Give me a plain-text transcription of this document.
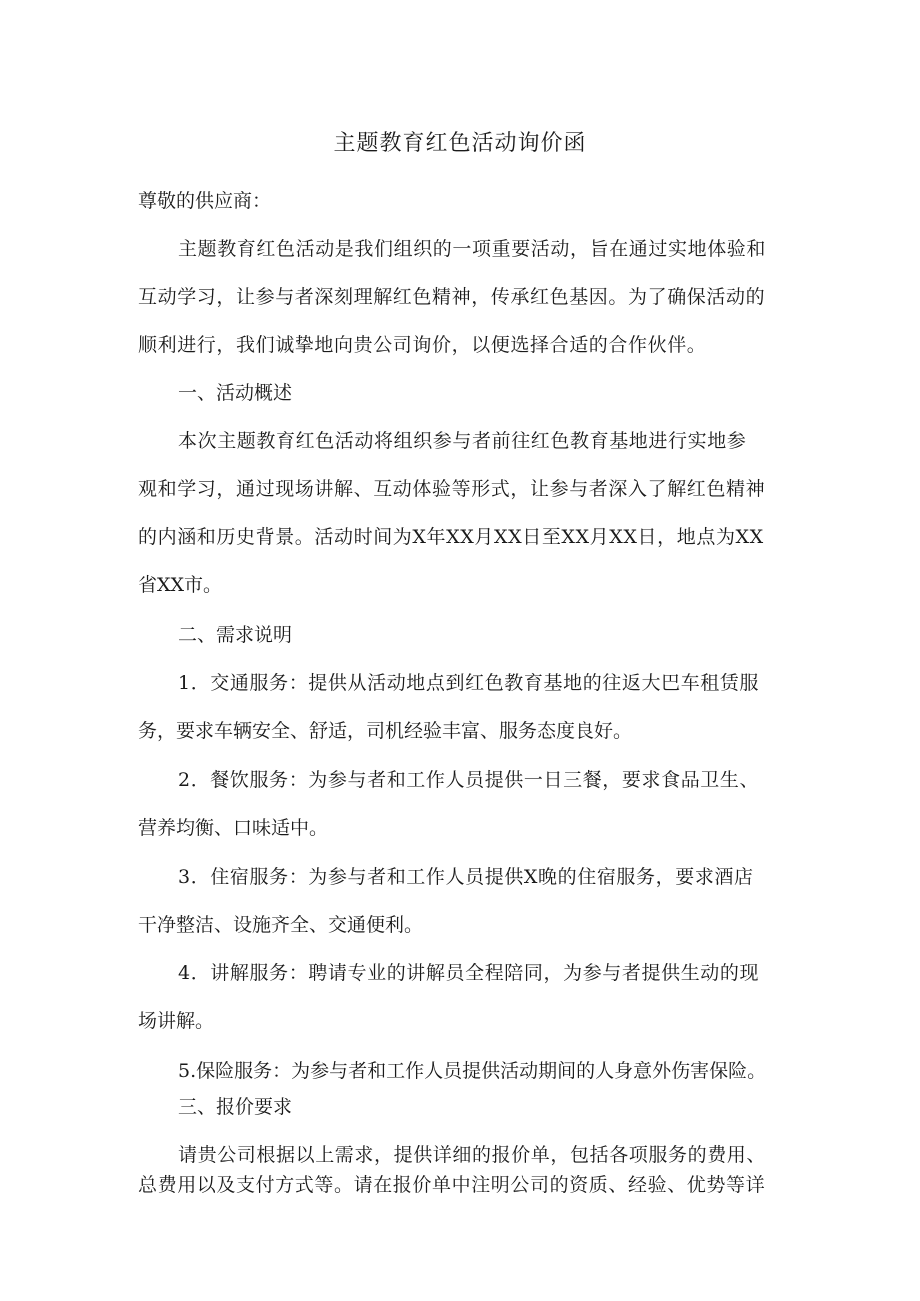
主题教育红色活动询价函

尊敬的供应商：

主题教育红色活动是我们组织的一项重要活动，旨在通过实地体验和

互动学习，让参与者深刻理解红色精神，传承红色基因。为了确保活动的

顺利进行，我们诚挚地向贵公司询价，以便选择合适的合作伙伴。

一、活动概述

本次主题教育红色活动将组织参与者前往红色教育基地进行实地参

观和学习，通过现场讲解、互动体验等形式，让参与者深入了解红色精神

的内涵和历史背景。活动时间为X年XX月XX日至XX月XX日，地点为XX

省XX市。

二、需求说明

1．交通服务：提供从活动地点到红色教育基地的往返大巴车租赁服

务，要求车辆安全、舒适，司机经验丰富、服务态度良好。

2．餐饮服务：为参与者和工作人员提供一日三餐，要求食品卫生、

营养均衡、口味适中。

3．住宿服务：为参与者和工作人员提供X晚的住宿服务，要求酒店

干净整洁、设施齐全、交通便利。

4．讲解服务：聘请专业的讲解员全程陪同，为参与者提供生动的现

场讲解。

5.保险服务：为参与者和工作人员提供活动期间的人身意外伤害保险。

三、报价要求

请贵公司根据以上需求，提供详细的报价单，包括各项服务的费用、

总费用以及支付方式等。请在报价单中注明公司的资质、经验、优势等详
